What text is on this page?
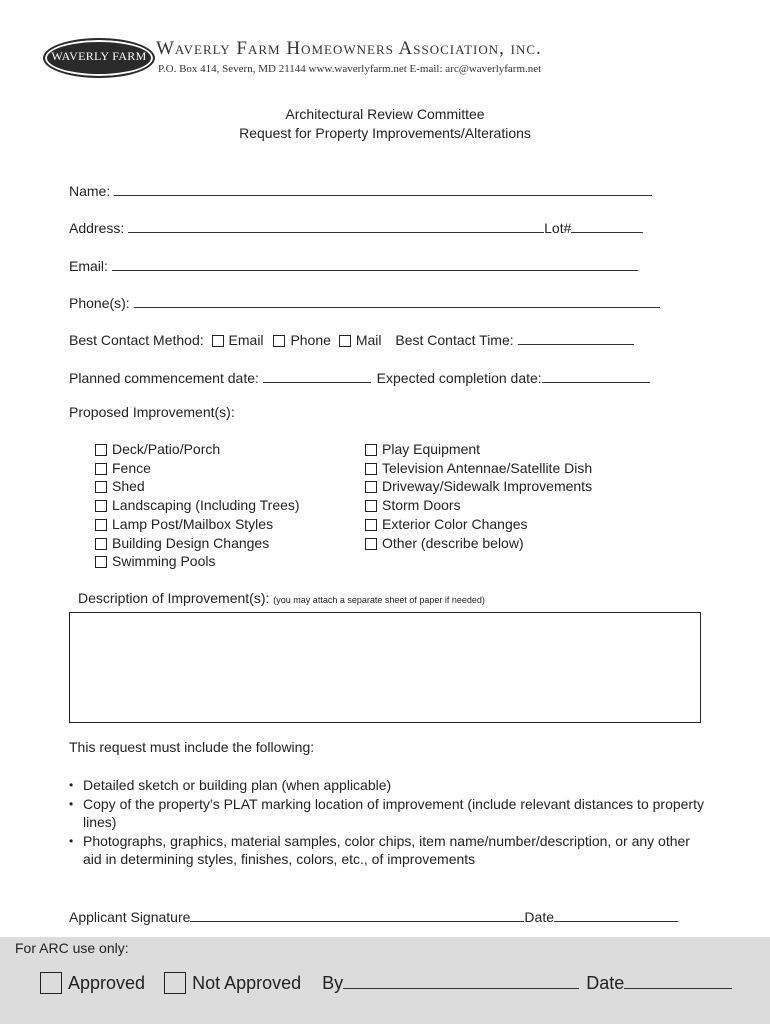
WAVERLY FARM Waverly Farm Homeowners Association, inc.
P.O. Box 414, Severn, MD 21144 www.waverlyfarm.net E-mail: arc@waverlyfarm.net
Architectural Review Committee
Request for Property Improvements/Alterations
Name:
Address:	Lot#
Email:
Phone(s):
Best Contact Method: Email Phone Mail Best Contact Time:
Planned commencement date:	Expected completion date:
Proposed Improvement(s):
Deck/Patio/Porch
Fence
Shed
Landscaping (Including Trees)
Lamp Post/Mailbox Styles
Building Design Changes
Swimming Pools
Play Equipment
Television Antennae/Satellite Dish
Driveway/Sidewalk Improvements
Storm Doors
Exterior Color Changes
Other (describe below)
Description of Improvement(s): (you may attach a separate sheet of paper if needed)
This request must include the following:
• Detailed sketch or building plan (when applicable)
• Copy of the property’s PLAT marking location of improvement (include relevant distances to property lines)
• Photographs, graphics, material samples, color chips, item name/number/description, or any other aid in determining styles, finishes, colors, etc., of improvements
Applicant Signature	Date
For ARC use only:
Approved	Not Approved By	Date
